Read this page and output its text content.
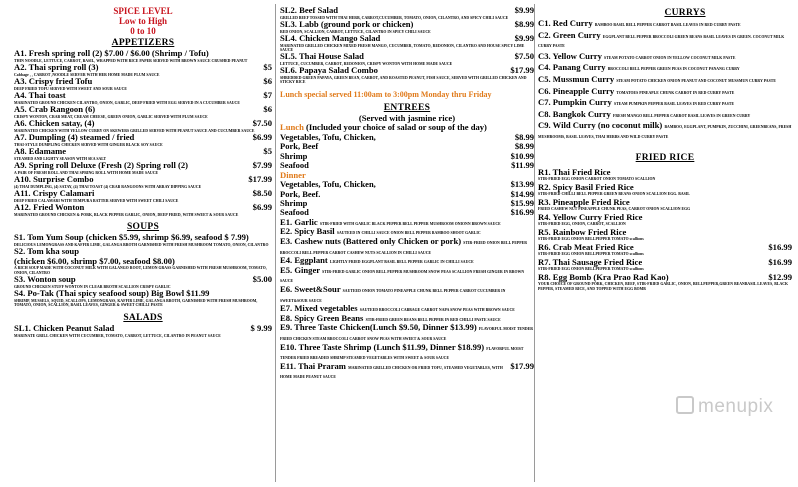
SPICE LEVEL
Low to High
0 to 10
APPETIZERS
A1. Fresh spring roll (2) $7.00 / $6.00 (Shrimp / Tofu)
THIN NOODLE, LETTUCE, CARROT, BASIL, WRAPPED WITH RICE PAPER SERVED WITH BROWN SAUCE CRUSHED PEANUT
A2. Thai spring roll (3)	$5
Cabbage , , CARROT ,NOODLE SERVER WITH HER HOME MADE PLUM SAUCE
A3. Crispy fried Tofu	$6
DEEP FRIED TOFU SERVED WITH SWEET AND SOUR SAUCE
A4. Thai toast	$7
MARINATED GROUND CHICKEN CILANTRO, ONION, GARLIC, DEEP FRIED WITH EGG SERVED IN A CUCUMBER SAUCE
A5. Crab Rangoon (6)	$6
CRISPY WONTON, CRAB MEAT, CREAM CHEESE, GREEN ONION, GARLIC SERVED WITH PLUM SAUCE
A6. Chicken satay, (4)	$7.50
MARINATED CHICKEN WITH YELLOW CURRY ON SKEWERS GRILLED SERVED WITH PEANUT SAUCE AND CUCUMBER SAUCE
A7. Dumpling (4) steamed / fried	$6.99
THAI-STYLE DUMPLING CHICKEN SERVED WITH GINGER BLACK SOY SAUCE
A8. Edamame	$5
STEAMED AND LIGHTY SEASON WITH SEA SALT
A9. Spring roll Deluxe (Fresh (2) Spring roll (2)	$7.99
A PAIR OF FRESH ROLL AND THAI SPRING ROLL WITH HOME MADE SAUCE
A10. Surprise Combo	$17.99
(4) THAI DUMPLING, (4) SATAY, (4) THAI TOAST (4) CRAB RANGOONS WITH ARRAY DIPPING SAUCE
A11. Crispy Calamari	$8.50
DEEP FRIED CALAMARI WITH TEMPURA BATTER SERVED WITH SWEET CHILI SAUCE
A12. Fried Wonton	$6.99
MARINATED GROUND CHICKEN & PORK, BLACK PEPPER GARLIC, ONION, DEEP FRIED, WITH SWEET & SOUR SAUCE
SOUPS
S1. Tom Yum Soup (chicken $5.99, shrimp $6.99, seafood $ 7.99)
DELICIOUS LEMONGRASS AND KAFFIR LIME, GALANGA BROTH GARNISHED WITH FRESH MUSHROOM TOMATO, ONION, CILANTRO
S2. Tom kha soup
(chicken $6.00, shrimp $7.00, seafood $8.00)
A RICH SOUP MADE WITH COCONUT MILK WITH GALANGO ROOT, LEMON GRASS GARNISHED WITH FRESH MUSHROOM, TOMATO, ONION, CILANTRO
S3. Wonton soup	$5.00
GROUND CHICKEN STUFF WONTON IN CLEAR BROTH SCALLION CRISPY GARLIC
S4. Po-Tak (Thai spicy seafood soup) Big Bowl $11.99
SHRIMP, MUSSELS, SQUID, SCALLOPS, LEMONGRASS, KAFFIR LIME, GALANGA BROTH, GARNISHED WITH FRESH MUSHROOM, TOMATO, ONION, SCALLION, BASIL LEAVES, GINGER & SWEET CHILLI PASTE
SALADS
SL1. Chicken Peanut Salad	$ 9.99
MARINATE GRILL CHICKEN WITH CUCUMBER, TOMATO, CARROT, LETTUCE, CILANTRO IN PEANUT SAUCE
SL2. Beef Salad	$9.99
GRILLED BEEF TOSSED WITH THAI HERB, CARROT,CUCUMBER, TOMATO, ONION, CILANTRO, AND SPICY CHILI SAUCE
SL3. Labb (ground pork or chicken)	$8.99
RED ONION, SCALLION, CARROT, LETTUCE, CILANTRO IN SPICY CHILI SAUCE
SL4. Chicken Mango Salad	$9.99
MARINATED GRILLED CHICKEN MIXED FRESH MANGO, CUCUMBER, TOMATO, REDONION, CILANTRO AND HOUSE SPICY LIME SAUCE
SL5. Thai House Salad	$7.50
LETTUCE, CUCUMBER, CARROT, REDONION, CRISPY WONTON WITH HOME MADE SAUCE
SL6. Papaya Salad Combo	$17.99
SHREDDED GREEN PAPAYA, GREEN BEAN, CARROT, AND ROASTED PEANUT, FISH SAUCE, SERVED WITH GRILLED CHICKEN AND STICKY RICE
Lunch special served 11:00am to 3:00pm Monday thru Friday
ENTREES
(Served with jasmine rice)
Lunch (Included your choice of salad or soup of the day)
Vegetables, Tofu, Chicken,	$8.99
Pork, Beef	$8.99
Shrimp	$10.99
Seafood	$11.99
Dinner
Vegetables, Tofu, Chicken,	$13.99
Pork, Beef.	$14.99
Shrimp	$15.99
Seafood	$16.99
E1. Garlic STIR-FRIED WITH GARLIC BLACK PEPPER BELL PEPPER MUSHROOM ONIONN BROWN SAUCE
E2. Spicy Basil SAUTEED IN CHILLI SAUCE ONION BELL PEPPER BAMBOO SHOOT GARLIC
E3. Cashew nuts (Battered only Chicken or pork) STIR-FRIED ONION BELL PEPPER BROCCOLI BELL PEPPER CARROT CASHEW NUTS SCALLION IN CHILLI SAUCE
E4. Eggplant LIGHTLY FRIED EGGPLANT BASIL BELL PEPPER GARLIC IN CHILLI SAUCE
E5. Ginger STIR-FRIED GARLIC ONION BELL PEPPER MUSHROOM SNOW PEAS SCALLION FRESH GINGER IN BROWN SAUCE
E6. Sweet&Sour SAUTEED ONION TOMATO PINEAPPLE CHUNK BELL PEPPER CARROT CUCUMBER IN SWEET&SOUR SAUCE
E7. Mixed vegetables SAUTEED BROCCOLI CABBAGE CARROT NAPA SNOW PEAS WITH BROWN SAUCE
E8. Spicy Green Beans STIR-FRIED GREEN BEANS BELL PEPPER IN RED CHILLI PASTE SAUCE
E9. Three Taste Chicken(Lunch $9.50, Dinner $13.99) FLAVORFUL MOIST TENDER FRIED CHICKEN STEAM BROCCOLI CARROT SNOW PEAS WITH SWEET & SOUR SAUCE
E10. Three Taste Shrimp (Lunch $11.99, Dinner $18.99) FLAVORFUL MOIST TENDER FRIED BREADED SHRIMP STEAMED VEGETABLES WITH SWEET & SOUR SAUCE
E11. Thai Praram	$17.99
MARINATED GRILLED CHICKEN OR FRIED TOFU, STEAMED VEGETABLES, WITH HOME MADE PEANUT SAUCE
CURRYS
C1. Red Curry BAMBOO BASIL BELL PEPPER CARROT BASIL LEAVES IN RED CURRY PASTE
C2. Green Curry EGGPLANT BELL PEPPER BROCCOLI GREEN BEANS BASIL LEAVES IN GREEN. COCONUT MILK CURRY PASTE
C3. Yellow Curry STEAM POTATO CARROT ONION IN YELLOW COCONUT MILK PASTE
C4. Panang Curry BROCCOLI BELL PEPPER GREEN PEAS IN COCONUT PANANG CURRY
C5. Mussmun Curry STEAM POTATO CHICKEN ONION PEANUT AND COCONUT MUSSMUN CURRY PASTE
C6. Pineapple Curry TOMATOES PINEAPLE CHUNK CARROT IN RED CURRY PASTE
C7. Pumpkin Curry STEAM PUMPKIN PEPPER BASIL LEAVES IN RED CURRY PASTE
C8. Bangkok Curry FRESH MANGO BELL PEPPER CARROT BASIL LEAVES IN GREEN CURRY
C9. Wild Curry (no coconut milk) BAMBOO, EGGPLANT, PUMPKIN, ZUCCHINI, GREENBEANS, FRESH MUSHROOMS, BASIL LEAVES, THAI HERBS AND WILD CURRY PASTE
FRIED RICE
R1. Thai Fried Rice
STIR-FRIED EGG ONION CARROT ONION TOMATO SCALLION
R2. Spicy Basil Fried Rice
STIR-FRIED CHILLI BELL PEPPER GREEN BEANS ONION SCALLION EGG. BASIL
R3. Pineapple Fried Rice
FRIED CASHEW NUT PINEAPPLE CHUNK PEAS, CARROT ONION SCALLION EGG
R4. Yellow Curry Fried Rice
STIR-FRIED EGG, ONION, CARROT, SCALLION
R5. Rainbow Fried Rice
STIR-FRIED EGG ONION BELLPEPPER TOMATO scallions
R6. Crab Meat Fried Rice	$16.99
STIR-FRIED EGG ONION BELLPEPPER TOMATO scallions
R7. Thai Sausage Fried Rice	$16.99
STIR-FRIED EGG ONION BELLPEPPER TOMATO scallions
R8. Egg Bomb (Kra Prao Rad Kao)	$12.99
YOUR CHOICE OF GROUND PORK, CHICKEN, BEEF, STIR-FRIED GARLIC, ONION, BELLPEPPER,GREEN BEANBASIL LEAVES, BLACK PEPPER, STEAMED RICE, AND TOPPED WITH EGG BOMB
menupix
